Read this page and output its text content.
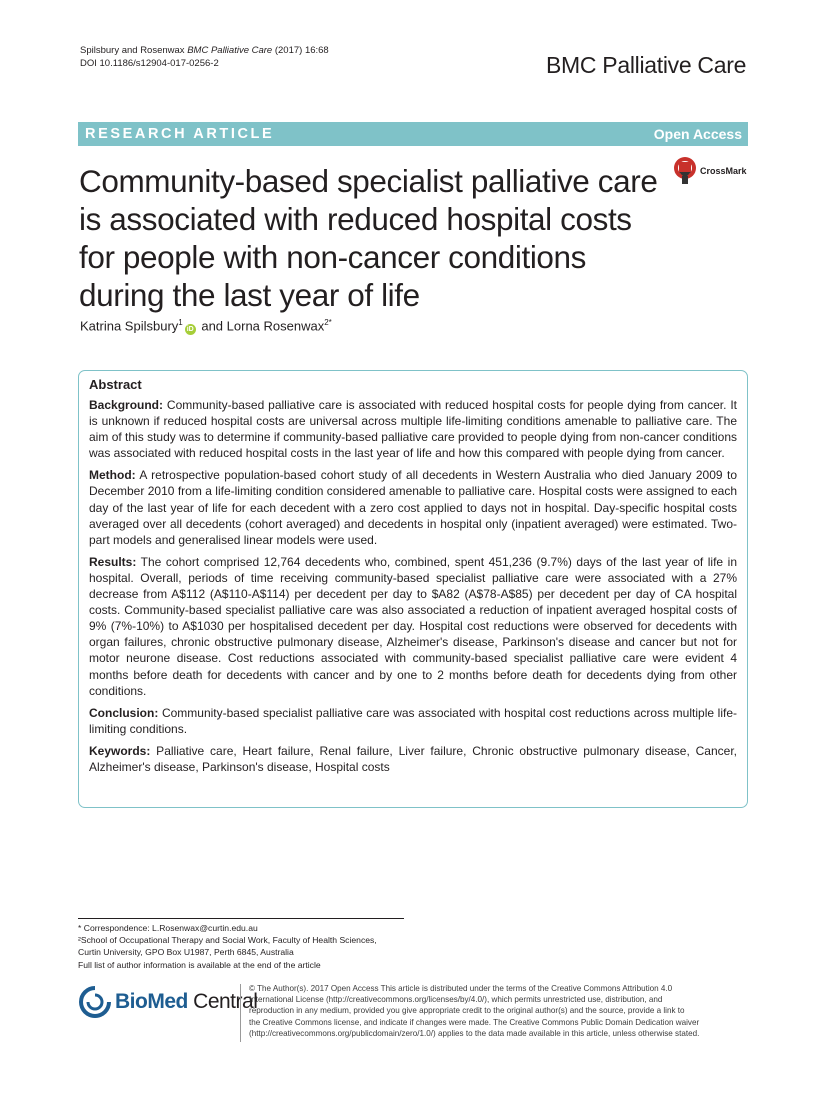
Spilsbury and Rosenwax BMC Palliative Care (2017) 16:68
DOI 10.1186/s12904-017-0256-2	BMC Palliative Care
RESEARCH ARTICLE	Open Access
Community-based specialist palliative care
is associated with reduced hospital costs
for people with non-cancer conditions
during the last year of life
CrossMark
Katrina Spilsbury$^1$iD and Lorna Rosenwax$^{2*}$
Abstract

Background: Community-based palliative care is associated with reduced hospital costs for people dying from cancer. It is unknown if reduced hospital costs are universal across multiple life-limiting conditions amenable to palliative care. The aim of this study was to determine if community-based palliative care provided to people dying from non-cancer conditions was associated with reduced hospital costs in the last year of life and how this compared with people dying from cancer.

Method: A retrospective population-based cohort study of all decedents in Western Australia who died January 2009 to December 2010 from a life-limiting condition considered amenable to palliative care. Hospital costs were assigned to each day of the last year of life for each decedent with a zero cost applied to days not in hospital. Day-specific hospital costs averaged over all decedents (cohort averaged) and decedents in hospital only (inpatient averaged) were estimated. Two-part models and generalised linear models were used.

Results: The cohort comprised 12,764 decedents who, combined, spent 451,236 (9.7%) days of the last year of life in hospital. Overall, periods of time receiving community-based specialist palliative care were associated with a 27% decrease from A$112 (A$110-A$114) per decedent per day to $A82 (A$78-A$85) per decedent per day of CA hospital costs. Community-based specialist palliative care was also associated a reduction of inpatient averaged hospital costs of 9% (7%-10%) to A$1030 per hospitalised decedent per day. Hospital cost reductions were observed for decedents with organ failures, chronic obstructive pulmonary disease, Alzheimer's disease, Parkinson's disease and cancer but not for motor neurone disease. Cost reductions associated with community-based specialist palliative care were evident 4 months before death for decedents with cancer and by one to 2 months before death for decedents dying from other conditions.

Conclusion: Community-based specialist palliative care was associated with hospital cost reductions across multiple life-limiting conditions.

Keywords: Palliative care, Heart failure, Renal failure, Liver failure, Chronic obstructive pulmonary disease, Cancer, Alzheimer's disease, Parkinson's disease, Hospital costs

* Correspondence: L.Rosenwax@curtin.edu.au
²School of Occupational Therapy and Social Work, Faculty of Health Sciences,
Curtin University, GPO Box U1987, Perth 6845, Australia
Full list of author information is available at the end of the article
BioMed Central
© The Author(s). 2017 Open Access This article is distributed under the terms of the Creative Commons Attribution 4.0
International License (http://creativecommons.org/licenses/by/4.0/), which permits unrestricted use, distribution, and
reproduction in any medium, provided you give appropriate credit to the original author(s) and the source, provide a link to
the Creative Commons license, and indicate if changes were made. The Creative Commons Public Domain Dedication waiver
(http://creativecommons.org/publicdomain/zero/1.0/) applies to the data made available in this article, unless otherwise stated.
